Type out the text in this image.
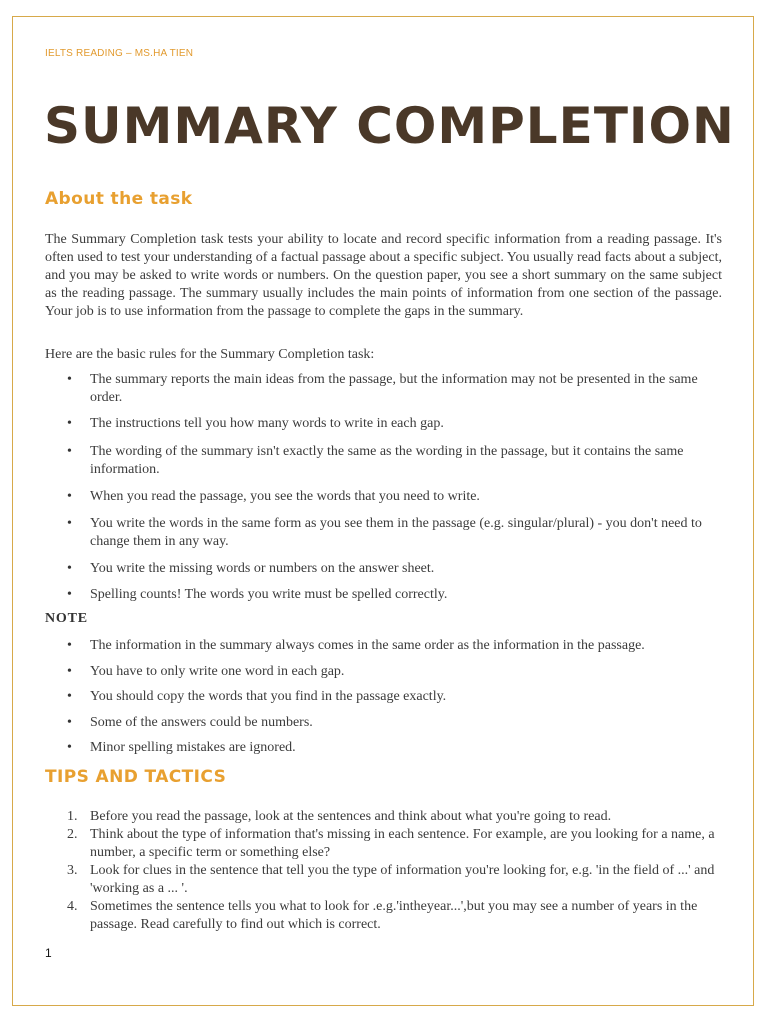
IELTS READING – MS.HA TIEN
SUMMARY COMPLETION
About the task

The Summary Completion task tests your ability to locate and record specific information from a reading passage. It's often used to test your understanding of a factual passage about a specific subject. You usually read facts about a subject, and you may be asked to write words or numbers. On the question paper, you see a short summary on the same subject as the reading passage. The summary usually includes the main points of information from one section of the passage. Your job is to use information from the passage to complete the gaps in the summary.

Here are the basic rules for the Summary Completion task:

• The summary reports the main ideas from the passage, but the information may not be presented in the same order.
• The instructions tell you how many words to write in each gap.
• The wording of the summary isn't exactly the same as the wording in the passage, but it contains the same information.
• When you read the passage, you see the words that you need to write.
• You write the words in the same form as you see them in the passage (e.g. singular/plural) - you don't need to change them in any way.
• You write the missing words or numbers on the answer sheet.
• Spelling counts! The words you write must be spelled correctly.
NOTE
• The information in the summary always comes in the same order as the information in the passage.
• You have to only write one word in each gap.
• You should copy the words that you find in the passage exactly.
• Some of the answers could be numbers.
• Minor spelling mistakes are ignored.
TIPS AND TACTICS
1. Before you read the passage, look at the sentences and think about what you're going to read.
2. Think about the type of information that's missing in each sentence. For example, are you looking for a name, a number, a specific term or something else?
3. Look for clues in the sentence that tell you the type of information you're looking for, e.g. 'in the field of ...' and 'working as a ... '.
4. Sometimes the sentence tells you what to look for .e.g.'intheyear...',but you may see a number of years in the passage. Read carefully to find out which is correct.
1
